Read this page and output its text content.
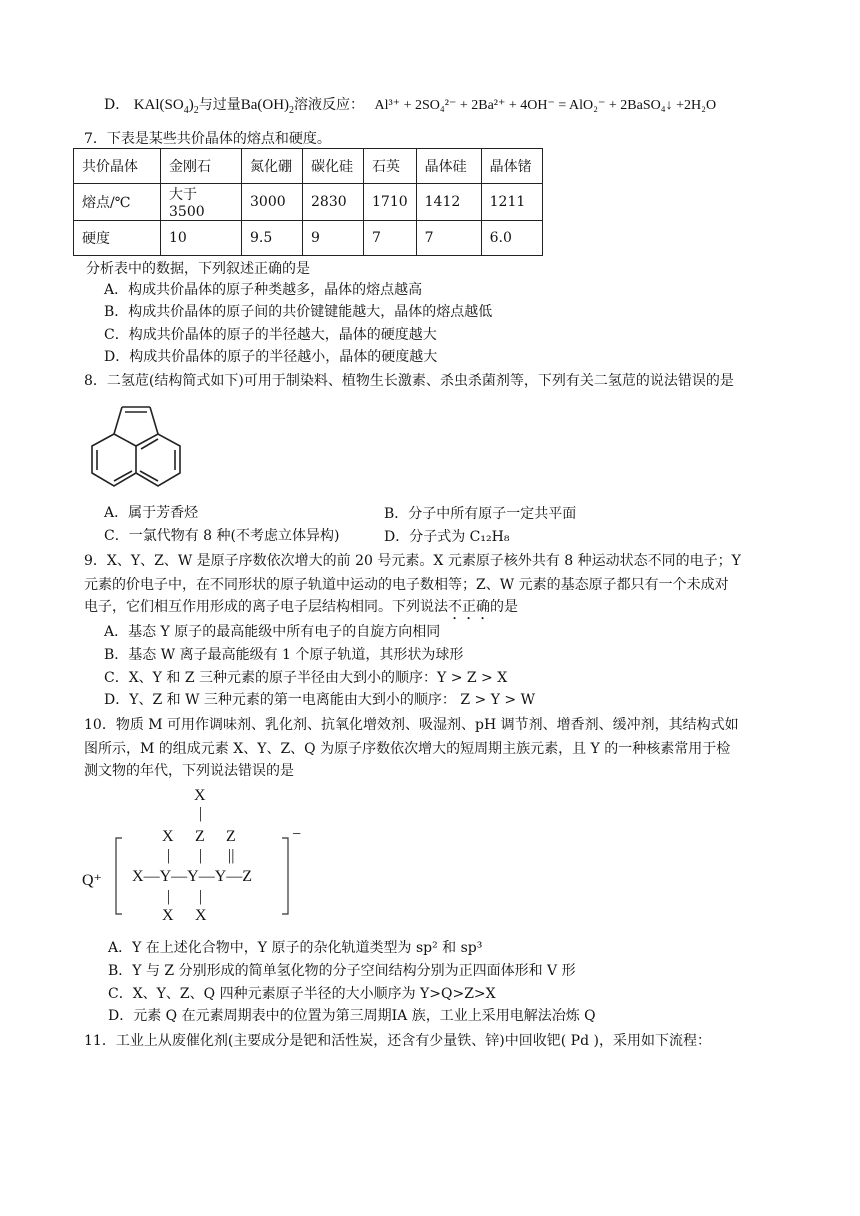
D． $KAl(SO_4)_2$与过量$Ba(OH)_2$溶液反应： Al³⁺ + 2SO₄²⁻ + 2Ba²⁺ + 4OH⁻ = AlO₂⁻ + 2BaSO₄↓ +2H₂O
7．下表是某些共价晶体的熔点和硬度。
共价晶体	金刚石	氮化硼	碳化硅	石英	晶体硅	晶体锗
熔点/℃	大于 3500	3000	2830	1710	1412	1211
硬度	10	9.5	9	7	7	6.0
分析表中的数据，下列叙述正确的是
A．构成共价晶体的原子种类越多，晶体的熔点越高
B．构成共价晶体的原子间的共价键键能越大，晶体的熔点越低
C．构成共价晶体的原子的半径越大，晶体的硬度越大
D．构成共价晶体的原子的半径越小，晶体的硬度越大
8．二氢苊(结构简式如下)可用于制染料、植物生长激素、杀虫杀菌剂等，下列有关二氢苊的说法错误的是
A．属于芳香烃	B．分子中所有原子一定共平面
C．一氯代物有 8 种(不考虑立体异构)	D．分子式为 C₁₂H₈
9．X、Y、Z、W 是原子序数依次增大的前 20 号元素。X 元素原子核外共有 8 种运动状态不同的电子；Y
元素的价电子中，在不同形状的原子轨道中运动的电子数相等；Z、W 元素的基态原子都只有一个未成对
电子，它们相互作用形成的离子电子层结构相同。下列说法不正确的是
A．基态 Y 原子的最高能级中所有电子的自旋方向相同
B．基态 W 离子最高能级有 1 个原子轨道，其形状为球形
C．X、Y 和 Z 三种元素的原子半径由大到小的顺序：Y > Z > X
D．Y、Z 和 W 三种元素的第一电离能由大到小的顺序： Z > Y > W
10．物质 M 可用作调味剂、乳化剂、抗氧化增效剂、吸湿剂、pH 调节剂、增香剂、缓冲剂，其结构式如
图所示，M 的组成元素 X、Y、Z、Q 为原子序数依次增大的短周期主族元素，且 Y 的一种核素常用于检
测文物的年代，下列说法错误的是
X
|
X Z Z
| | ||
Q⁺ X—Y—Y—Y—Z
| |
X X
−
A．Y 在上述化合物中，Y 原子的杂化轨道类型为 sp² 和 sp³
B．Y 与 Z 分别形成的简单氢化物的分子空间结构分别为正四面体形和 V 形
C．X、Y、Z、Q 四种元素原子半径的大小顺序为 Y>Q>Z>X
D．元素 Q 在元素周期表中的位置为第三周期ⅠA 族，工业上采用电解法冶炼 Q
11．工业上从废催化剂(主要成分是钯和活性炭，还含有少量铁、锌)中回收钯( Pd )，采用如下流程：
